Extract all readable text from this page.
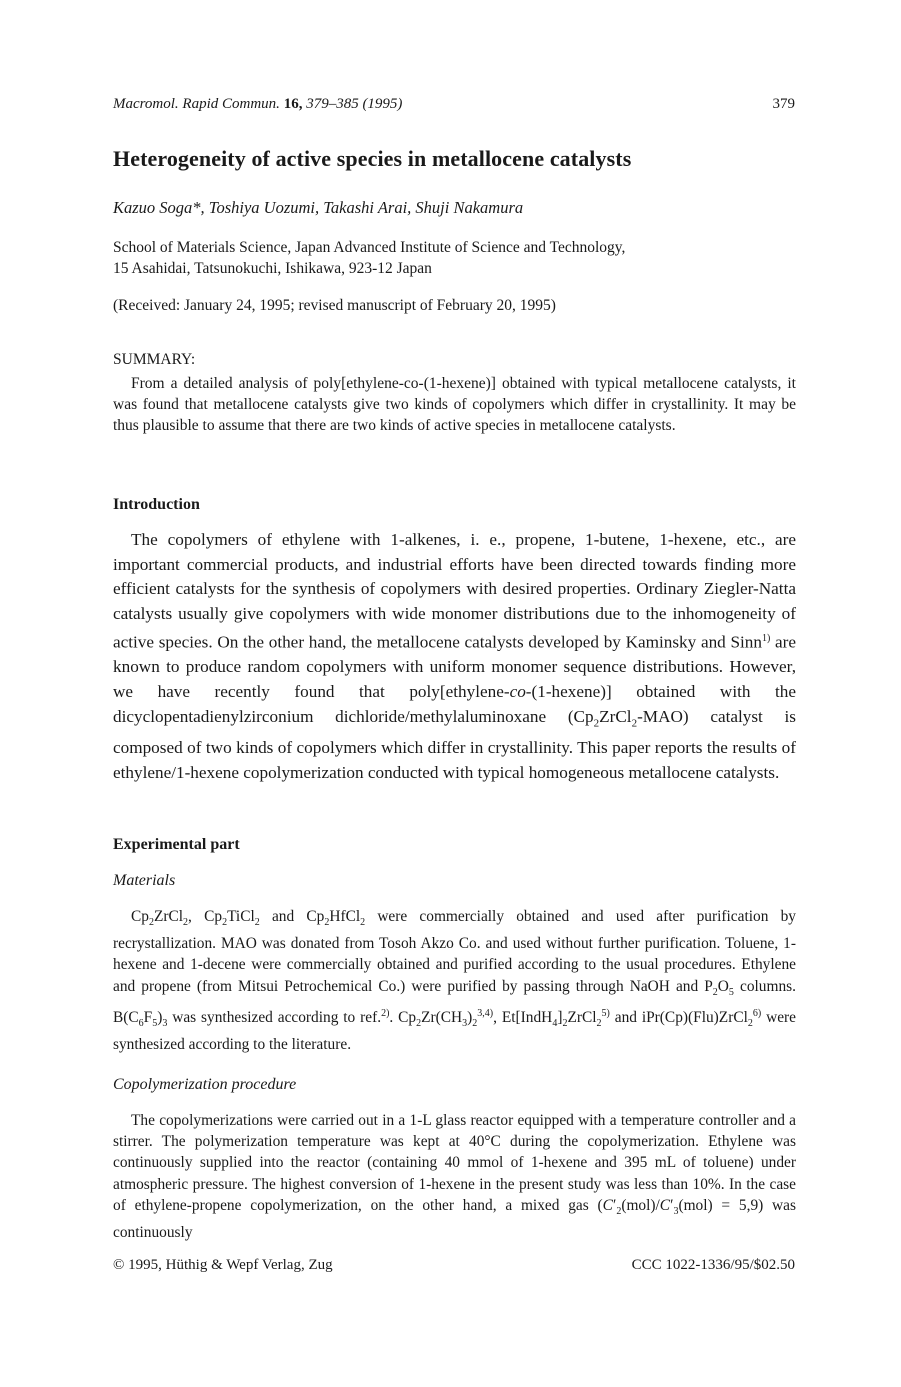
Macromol. Rapid Commun. 16, 379–385 (1995)	379
Heterogeneity of active species in metallocene catalysts
Kazuo Soga*, Toshiya Uozumi, Takashi Arai, Shuji Nakamura
School of Materials Science, Japan Advanced Institute of Science and Technology,
15 Asahidai, Tatsunokuchi, Ishikawa, 923-12 Japan
(Received: January 24, 1995; revised manuscript of February 20, 1995)
SUMMARY:

From a detailed analysis of poly[ethylene-co-(1-hexene)] obtained with typical metallocene catalysts, it was found that metallocene catalysts give two kinds of copolymers which differ in crystallinity. It may be thus plausible to assume that there are two kinds of active species in metallocene catalysts.

Introduction

The copolymers of ethylene with 1-alkenes, i. e., propene, 1-butene, 1-hexene, etc., are important commercial products, and industrial efforts have been directed towards finding more efficient catalysts for the synthesis of copolymers with desired properties. Ordinary Ziegler-Natta catalysts usually give copolymers with wide monomer distributions due to the inhomogeneity of active species. On the other hand, the metallocene catalysts developed by Kaminsky and Sinn$^{1)}$ are known to produce random copolymers with uniform monomer sequence distributions. However, we have recently found that poly[ethylene-co-(1-hexene)] obtained with the dicyclopentadienylzirconium dichloride/methylaluminoxane $(Cp_2ZrCl_2-MAO)$ catalyst is composed of two kinds of copolymers which differ in crystallinity. This paper reports the results of ethylene/1-hexene copolymerization conducted with typical homogeneous metallocene catalysts.

Experimental part
Materials

$Cp_2ZrCl_2$, $Cp_2TiCl_2$ and $Cp_2HfCl_2$ were commercially obtained and used after purification by recrystallization. MAO was donated from Tosoh Akzo Co. and used without further purification. Toluene, 1-hexene and 1-decene were commercially obtained and purified according to the usual procedures. Ethylene and propene (from Mitsui Petrochemical Co.) were purified by passing through NaOH and $P_2O_5$ columns. $B(C_6F_5)_3$ was synthesized according to ref.$^{2)}$. $Cp_2Zr(CH_3)_2^{3,4)}$, $Et[IndH_4]_2ZrCl_2^{5)}$ and iPr(Cp)(Flu)ZrCl$_2^{6)}$ were synthesized according to the literature.

Copolymerization procedure

The copolymerizations were carried out in a 1-L glass reactor equipped with a temperature controller and a stirrer. The polymerization temperature was kept at 40°C during the copolymerization. Ethylene was continuously supplied into the reactor (containing 40 mmol of 1-hexene and 395 mL of toluene) under atmospheric pressure. The highest conversion of 1-hexene in the present study was less than 10%. In the case of ethylene-propene copolymerization, on the other hand, a mixed gas $(C'_2(mol)/C'_3(mol) = 5,9)$ was continuously

© 1995, Hüthig & Wepf Verlag, Zug	CCC 1022-1336/95/$02.50
